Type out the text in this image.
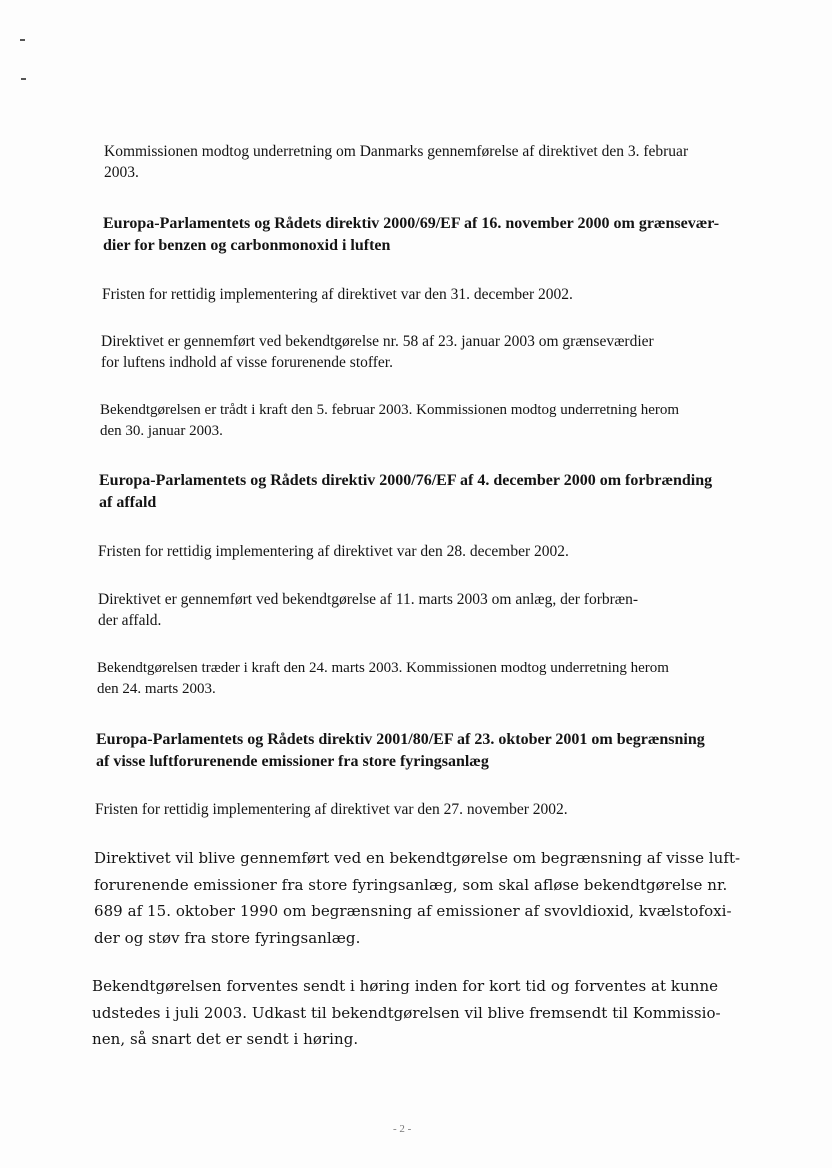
Kommissionen modtog underretning om Danmarks gennemførelse af direktivet den 3. februar
2003.

Europa-Parlamentets og Rådets direktiv 2000/69/EF af 16. november 2000 om grænsevær-
dier for benzen og carbonmonoxid i luften

Fristen for rettidig implementering af direktivet var den 31. december 2002.

Direktivet er gennemført ved bekendtgørelse nr. 58 af 23. januar 2003 om grænseværdier
for luftens indhold af visse forurenende stoffer.

Bekendtgørelsen er trådt i kraft den 5. februar 2003. Kommissionen modtog underretning herom
den 30. januar 2003.

Europa-Parlamentets og Rådets direktiv 2000/76/EF af 4. december 2000 om forbrænding
af affald

Fristen for rettidig implementering af direktivet var den 28. december 2002.

Direktivet er gennemført ved bekendtgørelse af 11. marts 2003 om anlæg, der forbræn-
der affald.

Bekendtgørelsen træder i kraft den 24. marts 2003. Kommissionen modtog underretning herom
den 24. marts 2003.

Europa-Parlamentets og Rådets direktiv 2001/80/EF af 23. oktober 2001 om begrænsning
af visse luftforurenende emissioner fra store fyringsanlæg

Fristen for rettidig implementering af direktivet var den 27. november 2002.

Direktivet vil blive gennemført ved en bekendtgørelse om begrænsning af visse luft-
forurenende emissioner fra store fyringsanlæg, som skal afløse bekendtgørelse nr.
689 af 15. oktober 1990 om begrænsning af emissioner af svovldioxid, kvælstofoxi-
der og støv fra store fyringsanlæg.

Bekendtgørelsen forventes sendt i høring inden for kort tid og forventes at kunne
udstedes i juli 2003. Udkast til bekendtgørelsen vil blive fremsendt til Kommissio-
nen, så snart det er sendt i høring.

- 2 -
